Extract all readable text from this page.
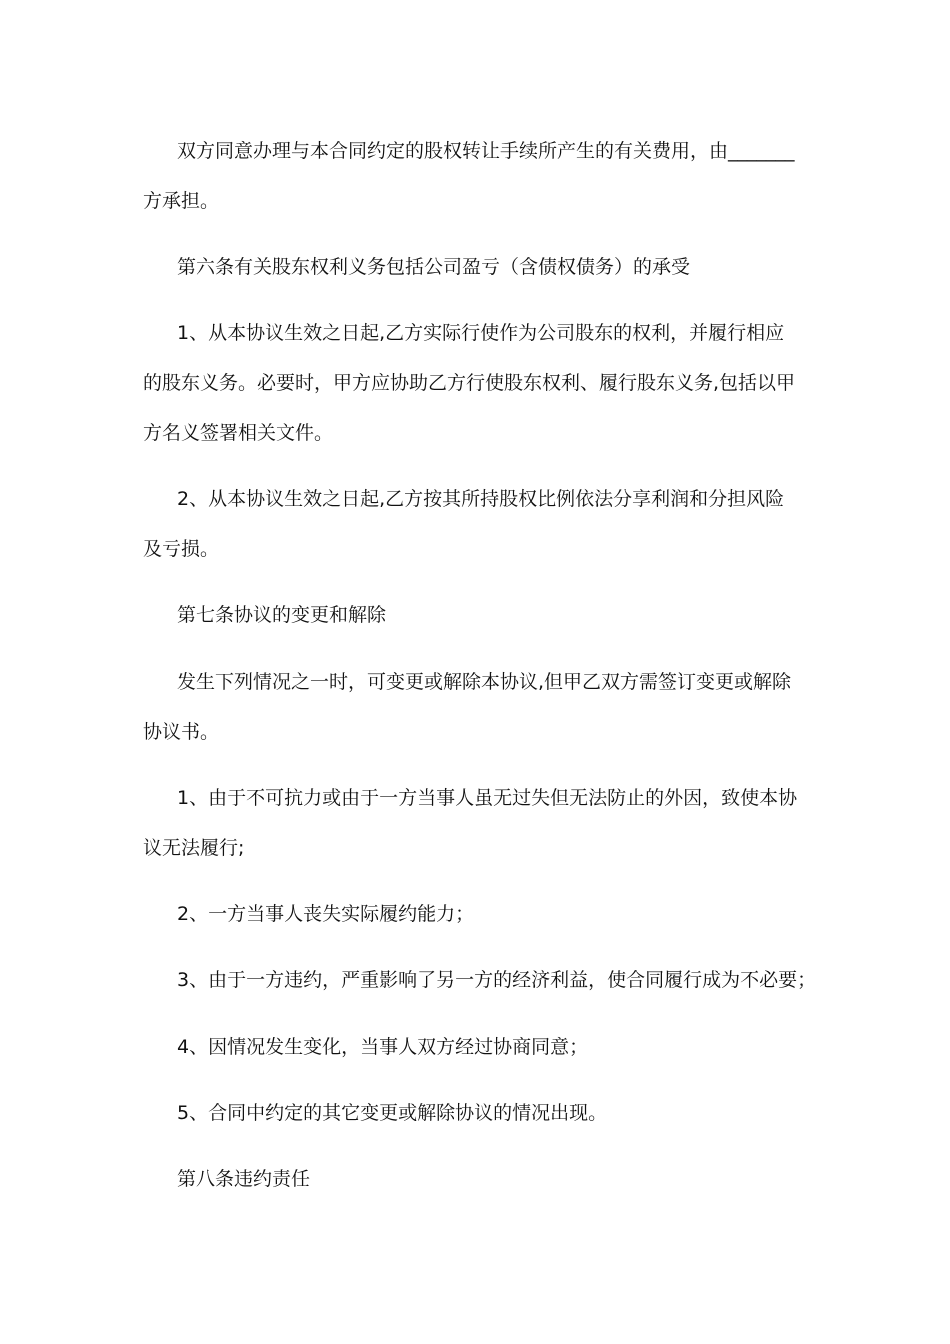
双方同意办理与本合同约定的股权转让手续所产生的有关费用，由_______
方承担。
第六条有关股东权利义务包括公司盈亏（含债权债务）的承受
1、从本协议生效之日起,乙方实际行使作为公司股东的权利，并履行相应
的股东义务。必要时，甲方应协助乙方行使股东权利、履行股东义务,包括以甲
方名义签署相关文件。
2、从本协议生效之日起,乙方按其所持股权比例依法分享利润和分担风险
及亏损。
第七条协议的变更和解除
发生下列情况之一时，可变更或解除本协议,但甲乙双方需签订变更或解除
协议书。
1、由于不可抗力或由于一方当事人虽无过失但无法防止的外因，致使本协
议无法履行;
2、一方当事人丧失实际履约能力；
3、由于一方违约，严重影响了另一方的经济利益，使合同履行成为不必要；
4、因情况发生变化，当事人双方经过协商同意；
5、合同中约定的其它变更或解除协议的情况出现。
第八条违约责任
